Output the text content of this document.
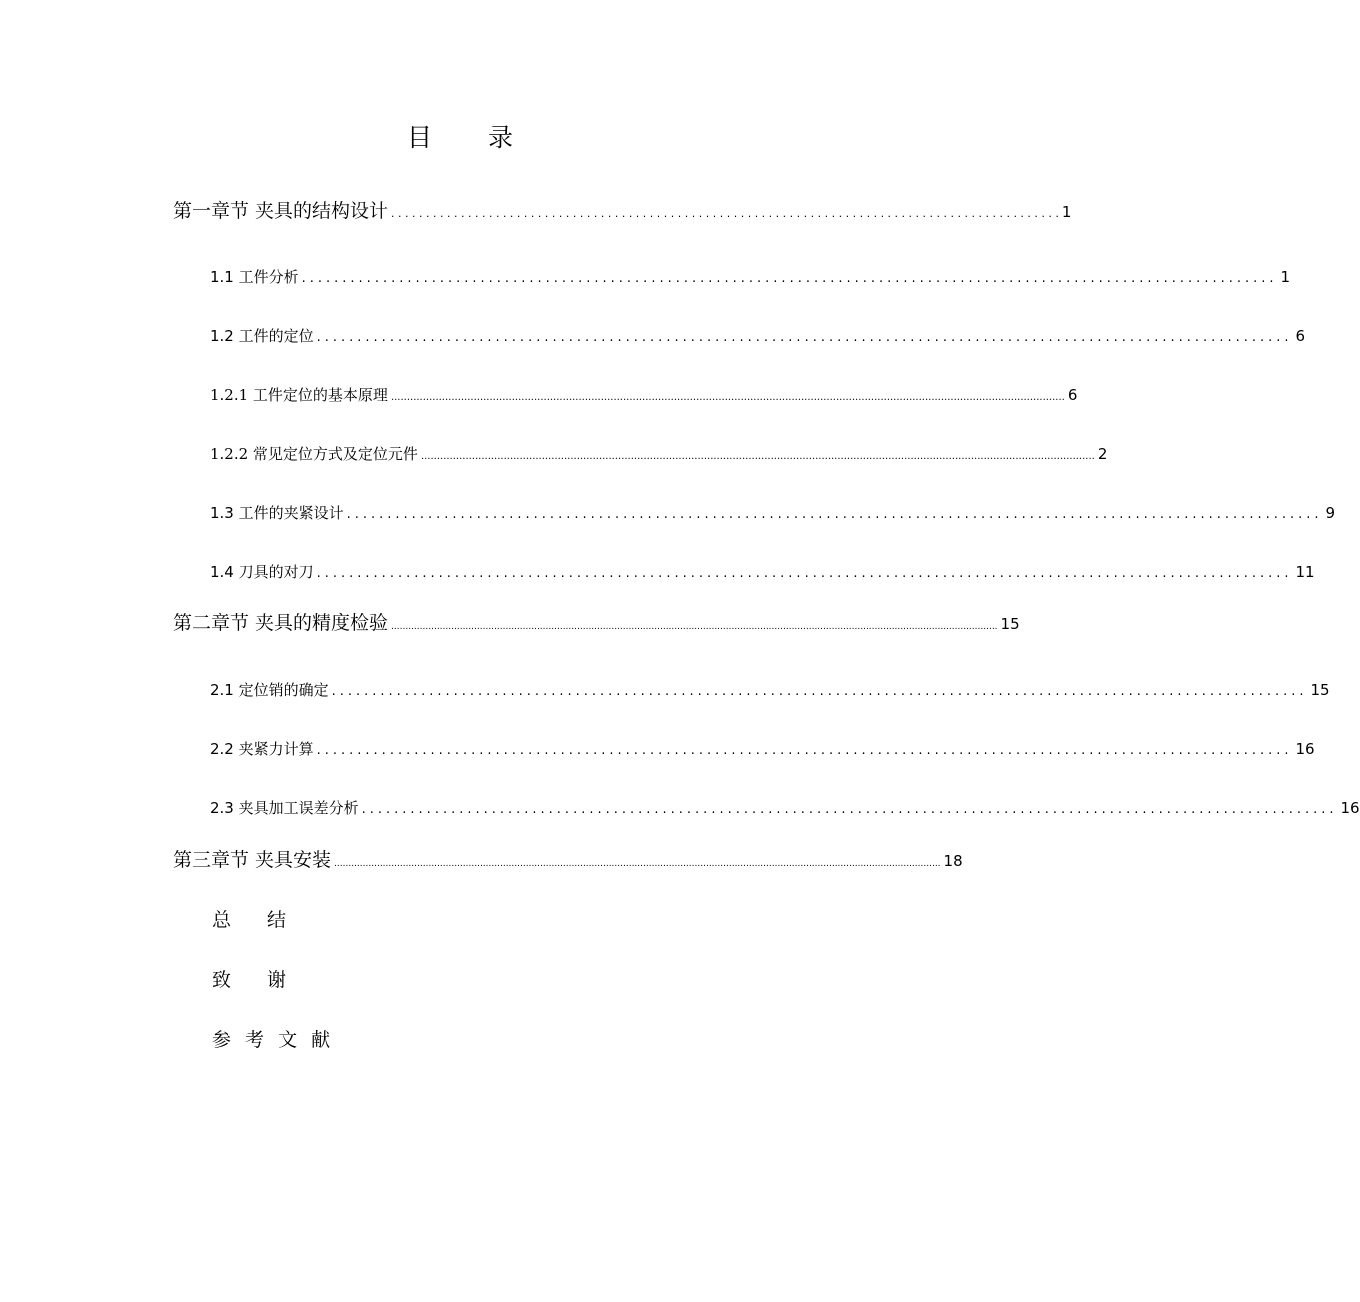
目 录
第一章节 夹具的结构设计 . . . . . . . . . . . . . . . . . . . . . . . . . . . . . . . . . . . . . . . . . . . . . . . . . . . . . . . . . . . . . . . . . . . . . . . . . . . . . . . . . . . . . . . . . . . . . . . . 1
1.1 工件分析 ........................................................................................................................ 1
1.2 工件的定位 ........................................................................................................................ 6
1.2.1 工件定位的基本原理 .................................................................................................................................................................................................................... 6
1.2.2 常见定位方式及定位元件 .................................................................................................................................................................................................................... 2
1.3 工件的夹紧设计 ........................................................................................................................ 9
1.4 刀具的对刀 ........................................................................................................................ 11
第二章节 夹具的精度检验 .................................................................................................................................................................................................................... 15
2.1 定位销的确定 ........................................................................................................................ 15
2.2 夹紧力计算 ........................................................................................................................ 16
2.3 夹具加工误差分析 ........................................................................................................................ 16
第三章节 夹具安装 .................................................................................................................................................................................................................... 18
总 结
致 谢
参 考 文 献
